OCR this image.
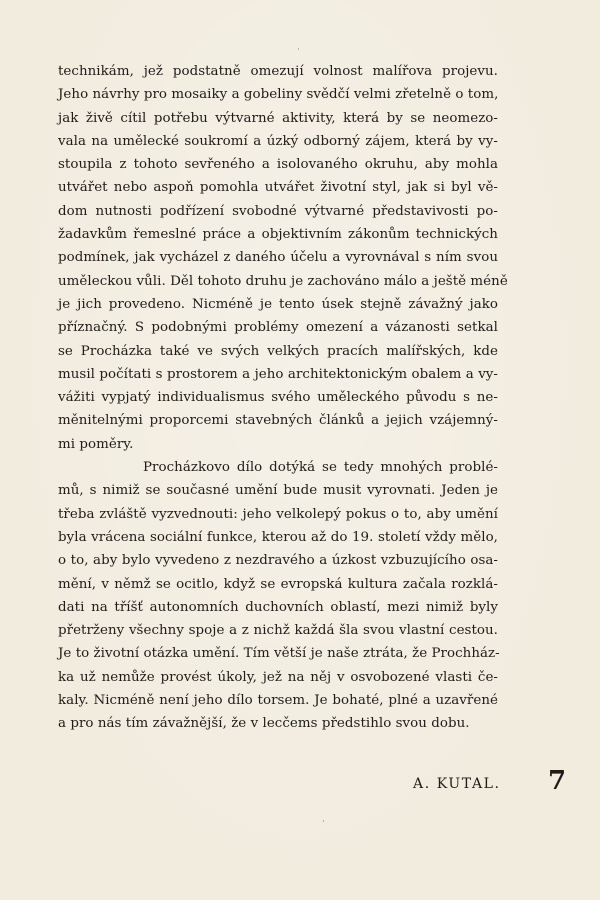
·
·
technikám, jež podstatně omezují volnost malířova projevu.
Jeho návrhy pro mosaiky a gobeliny svědčí velmi zřetelně o tom,
jak živě cítil potřebu výtvarné aktivity, která by se neomezo-
vala na umělecké soukromí a úzký odborný zájem, která by vy-
stoupila z tohoto sevřeného a isolovaného okruhu, aby mohla
utvářet nebo aspoň pomohla utvářet životní styl, jak si byl vě-
dom nutnosti podřízení svobodné výtvarné představivosti po-
žadavkům řemeslné práce a objektivním zákonům technických
podmínek, jak vycházel z daného účelu a vyrovnával s ním svou
uměleckou vůli. Děl tohoto druhu je zachováno málo a ještě méně
je jich provedeno. Nicméně je tento úsek stejně závažný jako
příznačný. S podobnými problémy omezení a vázanosti setkal
se Procházka také ve svých velkých pracích malířských, kde
musil počítati s prostorem a jeho architektonickým obalem a vy-
vážiti vypjatý individualismus svého uměleckého původu s ne-
měnitelnými proporcemi stavebných článků a jejich vzájemný-
mi poměry.
Procházkovo dílo dotýká se tedy mnohých problé-
mů, s nimiž se současné umění bude musit vyrovnati. Jeden je
třeba zvláště vyzvednouti: jeho velkolepý pokus o to, aby umění
byla vrácena sociální funkce, kterou až do 19. století vždy mělo,
o to, aby bylo vyvedeno z nezdravého a úzkost vzbuzujícího osa-
mění, v němž se ocitlo, když se evropská kultura začala rozklá-
dati na tříšť autonomních duchovních oblastí, mezi nimiž byly
přetrženy všechny spoje a z nichž každá šla svou vlastní cestou.
Je to životní otázka umění. Tím větší je naše ztráta, že Prochház-
ka už nemůže provést úkoly, jež na něj v osvobozené vlasti če-
kaly. Nicméně není jeho dílo torsem. Je bohaté, plné a uzavřené
a pro nás tím závažnější, že v lecčems předstihlo svou dobu.
A. KUTAL. 7
